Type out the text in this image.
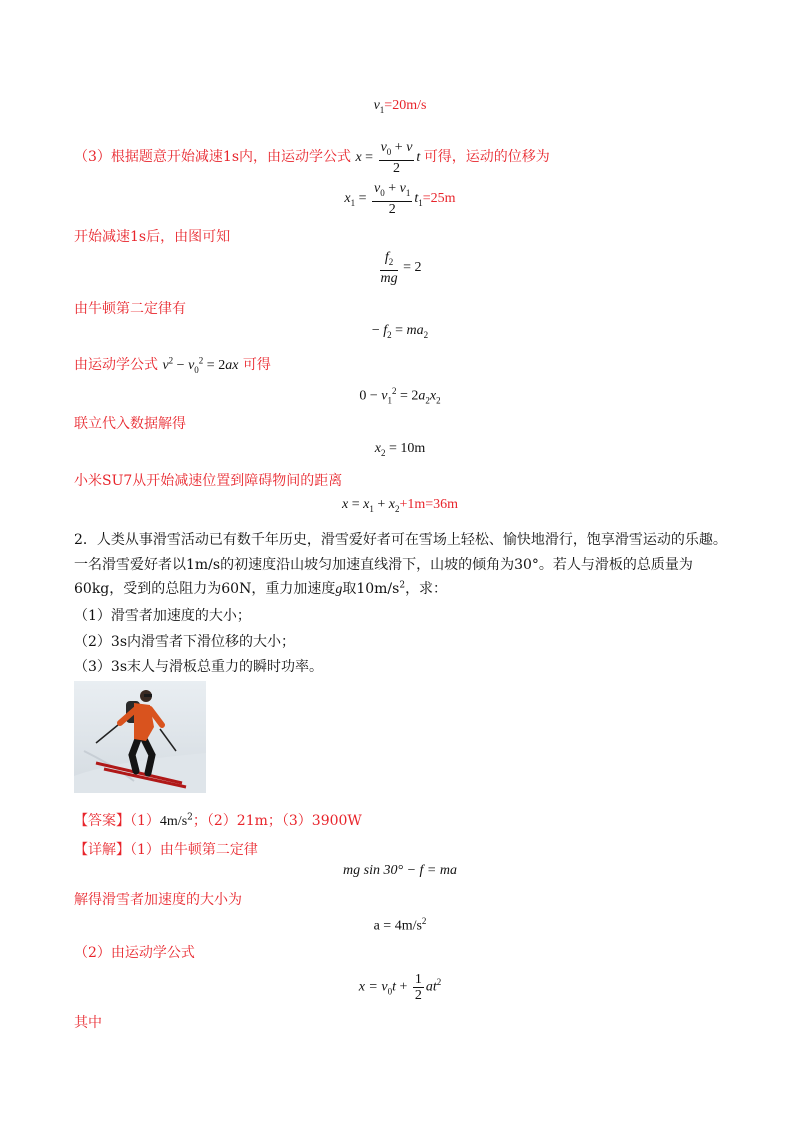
$v_1=20m/s$
（3）根据题意开始减速1s内，由运动学公式 $x = \frac{v_0 + v}{2}$ t 可得，运动的位移为
$x_1 = \frac{v_0 + v_1}{2} t_1=25m$
开始减速1s后，由图可知
$\frac{f_2}{mg} = 2$
由牛顿第二定律有
− $f_2 = ma_2$
由运动学公式 $v^2 - v_0^2 = 2ax$ 可得
$0 - v_1^2 = 2a_2x_2$
联立代入数据解得
$x_2 = 10m$
小米SU7从开始减速位置到障碍物间的距离
$x = x_1 + x_2+1m=36m$
2．人类从事滑雪活动已有数千年历史，滑雪爱好者可在雪场上轻松、愉快地滑行，饱享滑雪运动的乐趣。
一名滑雪爱好者以1m/s的初速度沿山坡匀加速直线滑下，山坡的倾角为30°。若人与滑板的总质量为
60kg，受到的总阻力为60N，重力加速度g取$10m/s^2$，求：
（1）滑雪者加速度的大小；
（2）3s内滑雪者下滑位移的大小；
（3）3s末人与滑板总重力的瞬时功率。
【答案】$(1)4m/s^2$；（2）21m；（3）3900W
【详解】（1）由牛顿第二定律
mg sin 30° − f = ma
解得滑雪者加速度的大小为
$a = 4m/s^2$
（2）由运动学公式
$x = v_0t + \frac{1}{2} at^2$
其中
